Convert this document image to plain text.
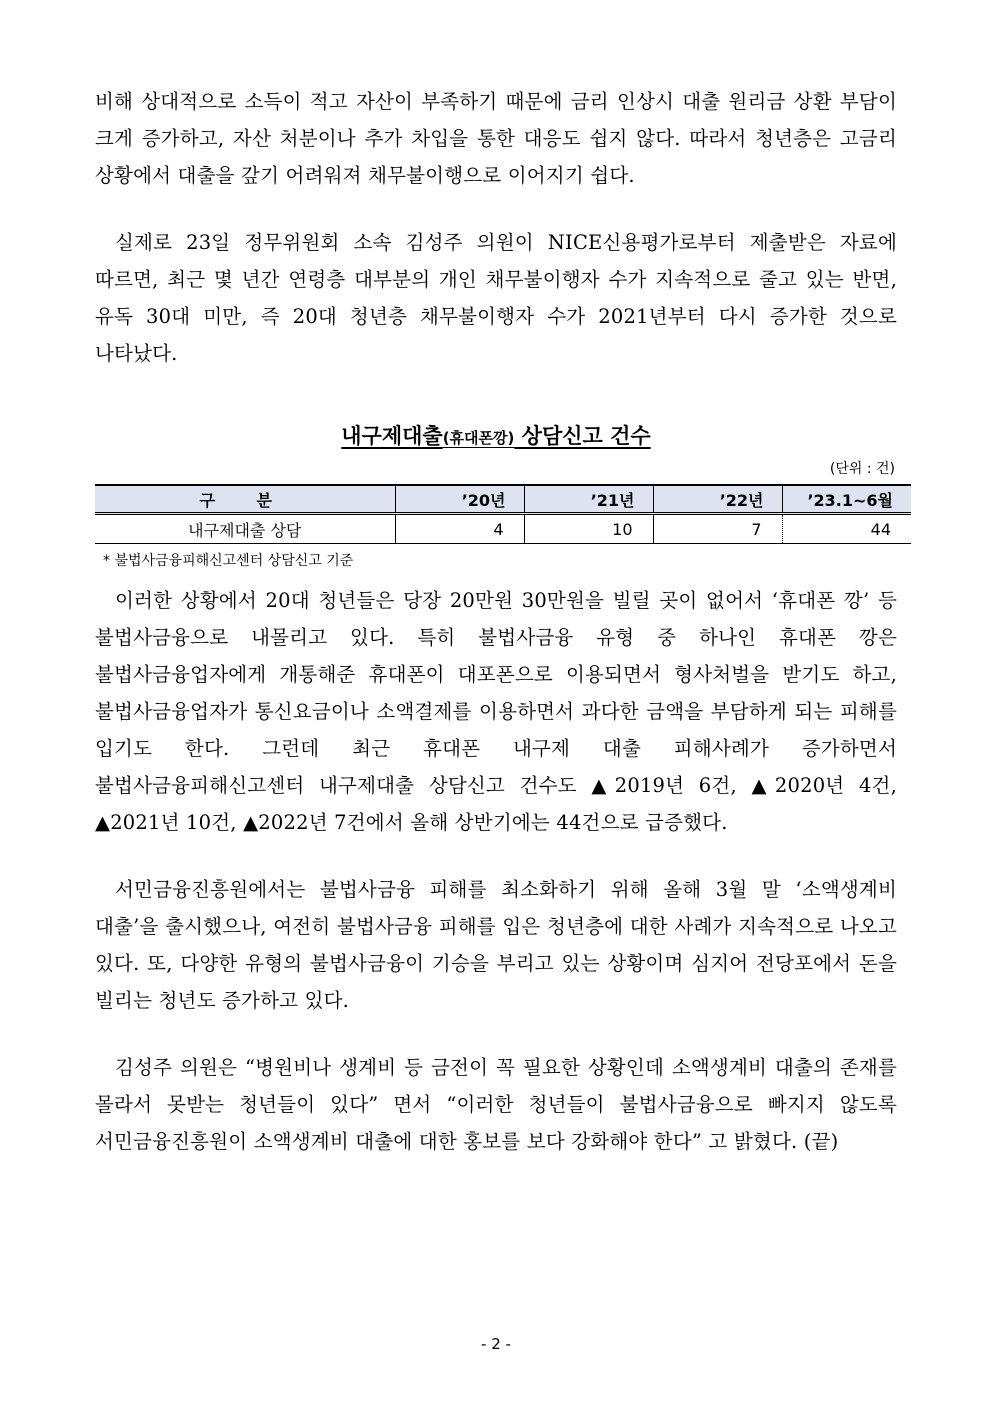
비해 상대적으로 소득이 적고 자산이 부족하기 때문에 금리 인상시 대출 원리금 상환 부담이 크게 증가하고, 자산 처분이나 추가 차입을 통한 대응도 쉽지 않다. 따라서 청년층은 고금리 상황에서 대출을 갚기 어려워져 채무불이행으로 이어지기 쉽다.

실제로 23일 정무위원회 소속 김성주 의원이 NICE신용평가로부터 제출받은 자료에 따르면, 최근 몇 년간 연령층 대부분의 개인 채무불이행자 수가 지속적으로 줄고 있는 반면, 유독 30대 미만, 즉 20대 청년층 채무불이행자 수가 2021년부터 다시 증가한 것으로 나타났다.

내구제대출(휴대폰깡) 상담신고 건수

(단위 : 건)
구 분	’20년	’21년	’22년	’23.1~6월
내구제대출 상담	4	10	7	44
* 불법사금융피해신고센터 상담신고 기준

이러한 상황에서 20대 청년들은 당장 20만원 30만원을 빌릴 곳이 없어서 ‘휴대폰 깡’ 등 불법사금융으로 내몰리고 있다. 특히 불법사금융 유형 중 하나인 휴대폰 깡은 불법사금융업자에게 개통해준 휴대폰이 대포폰으로 이용되면서 형사처벌을 받기도 하고, 불법사금융업자가 통신요금이나 소액결제를 이용하면서 과다한 금액을 부담하게 되는 피해를 입기도 한다. 그런데 최근 휴대폰 내구제 대출 피해사례가 증가하면서 불법사금융피해신고센터 내구제대출 상담신고 건수도 ▲2019년 6건, ▲2020년 4건, ▲2021년 10건, ▲2022년 7건에서 올해 상반기에는 44건으로 급증했다.

서민금융진흥원에서는 불법사금융 피해를 최소화하기 위해 올해 3월 말 ‘소액생계비 대출’을 출시했으나, 여전히 불법사금융 피해를 입은 청년층에 대한 사례가 지속적으로 나오고 있다. 또, 다양한 유형의 불법사금융이 기승을 부리고 있는 상황이며 심지어 전당포에서 돈을 빌리는 청년도 증가하고 있다.

김성주 의원은 “병원비나 생계비 등 금전이 꼭 필요한 상황인데 소액생계비 대출의 존재를 몰라서 못받는 청년들이 있다” 면서 “이러한 청년들이 불법사금융으로 빠지지 않도록 서민금융진흥원이 소액생계비 대출에 대한 홍보를 보다 강화해야 한다” 고 밝혔다. (끝)

- 2 -
